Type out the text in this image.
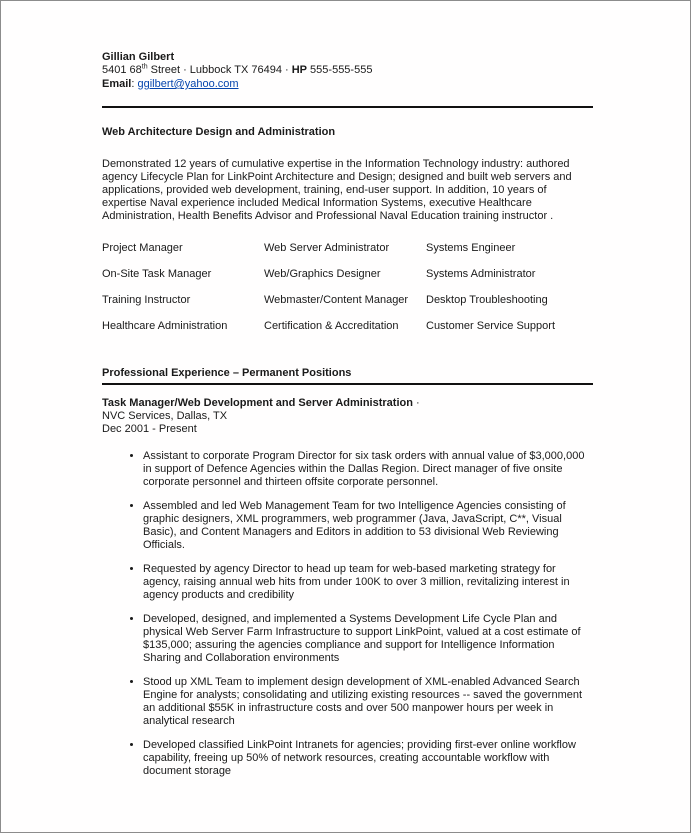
Gillian Gilbert
5401 68th Street · Lubbock TX 76494 · HP 555-555-555
Email: ggilbert@yahoo.com
Web Architecture Design and Administration

Demonstrated 12 years of cumulative expertise in the Information Technology industry: authored agency Lifecycle Plan for LinkPoint Architecture and Design; designed and built web servers and applications, provided web development, training, end-user support. In addition, 10 years of expertise Naval experience included Medical Information Systems, executive Healthcare Administration, Health Benefits Advisor and Professional Naval Education training instructor .

Project Manager	Web Server Administrator	Systems Engineer
On-Site Task Manager	Web/Graphics Designer	Systems Administrator
Training Instructor	Webmaster/Content Manager	Desktop Troubleshooting
Healthcare Administration	Certification & Accreditation	Customer Service Support
Professional Experience – Permanent Positions
Task Manager/Web Development and Server Administration ·
NVC Services, Dallas, TX
Dec 2001 - Present
• Assistant to corporate Program Director for six task orders with annual value of $3,000,000 in support of Defence Agencies within the Dallas Region. Direct manager of five onsite corporate personnel and thirteen offsite corporate personnel.
• Assembled and led Web Management Team for two Intelligence Agencies consisting of graphic designers, XML programmers, web programmer (Java, JavaScript, C**, Visual Basic), and Content Managers and Editors in addition to 53 divisional Web Reviewing Officials.
• Requested by agency Director to head up team for web-based marketing strategy for agency, raising annual web hits from under 100K to over 3 million, revitalizing interest in agency products and credibility
• Developed, designed, and implemented a Systems Development Life Cycle Plan and physical Web Server Farm Infrastructure to support LinkPoint, valued at a cost estimate of $135,000; assuring the agencies compliance and support for Intelligence Information Sharing and Collaboration environments
• Stood up XML Team to implement design development of XML-enabled Advanced Search Engine for analysts; consolidating and utilizing existing resources -- saved the government an additional $55K in infrastructure costs and over 500 manpower hours per week in analytical research
• Developed classified LinkPoint Intranets for agencies; providing first-ever online workflow capability, freeing up 50% of network resources, creating accountable workflow with document storage
